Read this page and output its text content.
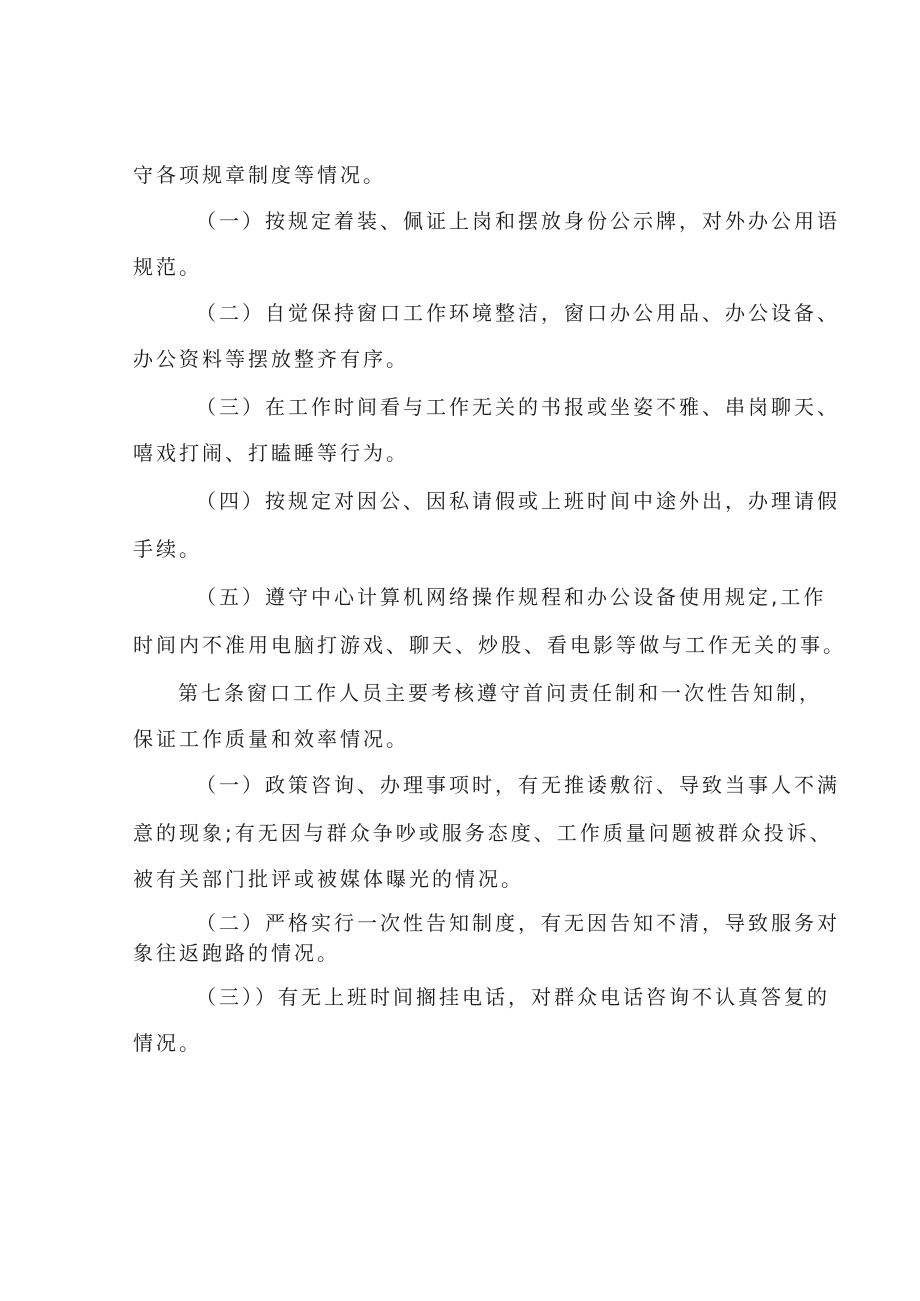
守各项规章制度等情况。

（一）按规定着装、佩证上岗和摆放身份公示牌，对外办公用语

规范。

（二）自觉保持窗口工作环境整洁，窗口办公用品、办公设备、

办公资料等摆放整齐有序。

（三）在工作时间看与工作无关的书报或坐姿不雅、串岗聊天、

嘻戏打闹、打瞌睡等行为。

（四）按规定对因公、因私请假或上班时间中途外出，办理请假

手续。

（五）遵守中心计算机网络操作规程和办公设备使用规定,工作

时间内不准用电脑打游戏、聊天、炒股、看电影等做与工作无关的事。

第七条窗口工作人员主要考核遵守首问责任制和一次性告知制，

保证工作质量和效率情况。

（一）政策咨询、办理事项时，有无推诿敷衍、导致当事人不满

意的现象;有无因与群众争吵或服务态度、工作质量问题被群众投诉、

被有关部门批评或被媒体曝光的情况。

（二）严格实行一次性告知制度，有无因告知不清，导致服务对

象往返跑路的情况。

（三））有无上班时间搁挂电话，对群众电话咨询不认真答复的

情况。
